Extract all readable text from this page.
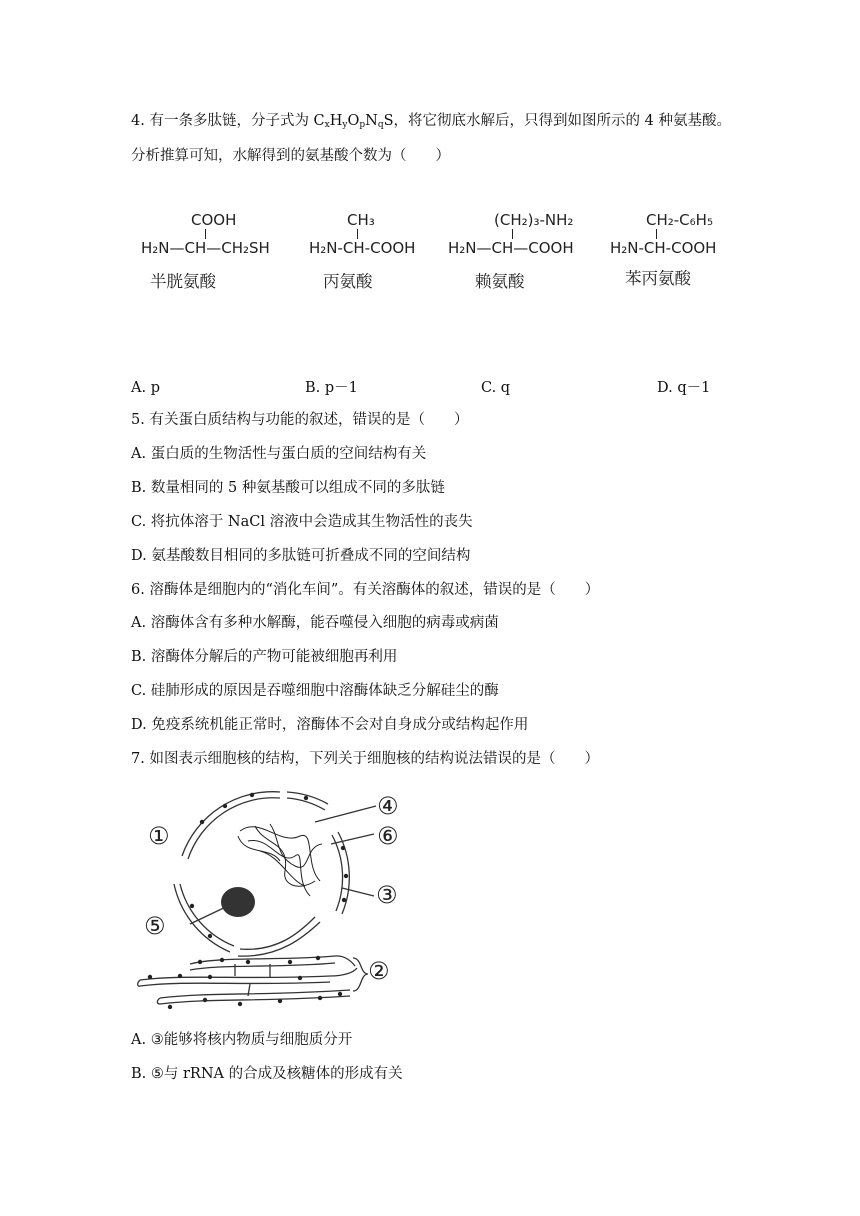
4. 有一条多肽链，分子式为 $C_xH_yO_pN_qS$，将它彻底水解后，只得到如图所示的 4 种氨基酸。
分析推算可知，水解得到的氨基酸个数为（　　）
COOH
H₂N—CH—CH₂SH
半胱氨酸
CH₃
H₂N-CH-COOH
丙氨酸
(CH₂)₃-NH₂
H₂N—CH—COOH
赖氨酸
CH₂-C₆H₅
H₂N-CH-COOH
苯丙氨酸
A. p	B. p－1	C. q	D. q－1
5. 有关蛋白质结构与功能的叙述，错误的是（　　）
A. 蛋白质的生物活性与蛋白质的空间结构有关
B. 数量相同的 5 种氨基酸可以组成不同的多肽链
C. 将抗体溶于 NaCl 溶液中会造成其生物活性的丧失
D. 氨基酸数目相同的多肽链可折叠成不同的空间结构
6. 溶酶体是细胞内的“消化车间”。有关溶酶体的叙述，错误的是（　　）
A. 溶酶体含有多种水解酶，能吞噬侵入细胞的病毒或病菌
B. 溶酶体分解后的产物可能被细胞再利用
C. 硅肺形成的原因是吞噬细胞中溶酶体缺乏分解硅尘的酶
D. 免疫系统机能正常时，溶酶体不会对自身成分或结构起作用
7. 如图表示细胞核的结构，下列关于细胞核的结构说法错误的是（　　）
①
②
③
④
⑤
⑥
A. ③能够将核内物质与细胞质分开
B. ⑤与 rRNA 的合成及核糖体的形成有关
